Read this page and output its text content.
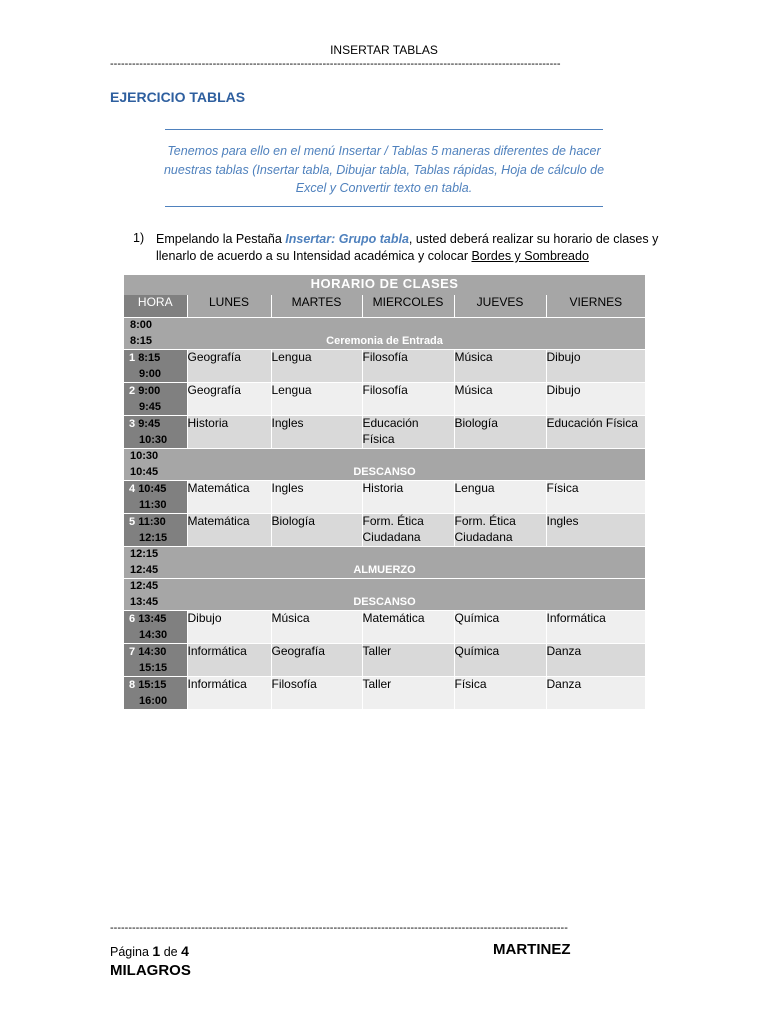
INSERTAR TABLAS
---------------------------------------------------------------------------------------------------------------------------
EJERCICIO TABLAS
Tenemos para ello en el menú Insertar / Tablas 5 maneras diferentes de hacer nuestras tablas (Insertar tabla, Dibujar tabla, Tablas rápidas, Hoja de cálculo de Excel y Convertir texto en tabla.
1) Empelando la Pestaña Insertar: Grupo tabla, usted deberá realizar su horario de clases y llenarlo de acuerdo a su Intensidad académica y colocar Bordes y Sombreado
HORARIO DE CLASES					
HORA	LUNES	MARTES	MIERCOLES	JUEVES	VIERNES

8:00

8:15 Ceremonia de Entrada					

1 8:15
9:00	Geografía	Lengua	Filosofía	Música	Dibujo
2 9:00
9:45	Geografía	Lengua	Filosofía	Música	Dibujo
3 9:45
10:30	Historia	Ingles	Educación Física	Biología	Educación Física

10:30

10:45 DESCANSO					

4 10:45
11:30	Matemática	Ingles	Historia	Lengua	Física
5 11:30
12:15	Matemática	Biología	Form. Ética Ciudadana	Form. Ética Ciudadana	Ingles

12:15

12:45 ALMUERZO					

12:45

13:45 DESCANSO					

6 13:45
14:30	Dibujo	Música	Matemática	Química	Informática
7 14:30
15:15	Informática	Geografía	Taller	Química	Danza
8 15:15
16:00	Informática	Filosofía	Taller	Física	Danza
-----------------------------------------------------------------------------------------------------------------------------
Página 1 de 4	MARTINEZ
MILAGROS
